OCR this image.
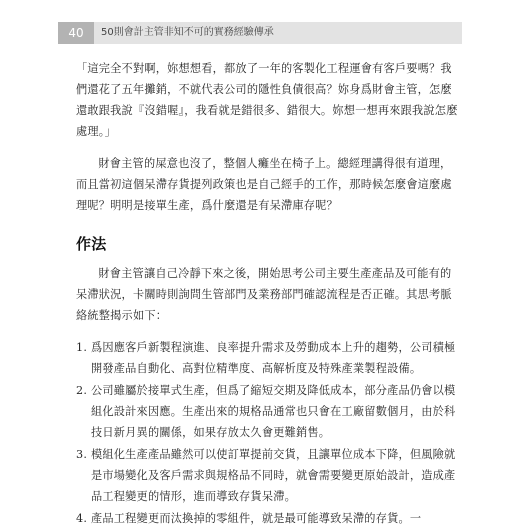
40	50則會計主管非知不可的實務經驗傳承

「這完全不對啊，妳想想看，都放了一年的客製化工程運會有客戶要嗎？我們還花了五年攤銷，不就代表公司的隱性負債很高？妳身爲財會主管，怎麼還敢跟我說『沒錯喔』，我看就是錯很多、錯很大。妳想一想再來跟我說怎麼處理。」

財會主管的屎意也沒了，整個人癱坐在椅子上。總經理講得很有道理，而且當初這個呆滯存貨提列政策也是自己經手的工作，那時候怎麼會這麼處理呢？明明是接單生產，爲什麼還是有呆滯庫存呢？

作法

財會主管讓自己冷靜下來之後，開始思考公司主要生產產品及可能有的呆滯狀況，卡關時則詢問生管部門及業務部門確認流程是否正確。其思考脈絡統整揭示如下：

1. 爲因應客戶新製程演進、良率提升需求及勞動成本上升的趨勢，公司積極開發產品自動化、高對位精準度、高解析度及特殊產業製程設備。
2. 公司雖屬於接單式生產，但爲了縮短交期及降低成本，部分產品仍會以模組化設計來因應。生產出來的規格品通常也只會在工廠留數個月，由於科技日新月異的關係，如果存放太久會更難銷售。
3. 模組化生產產品雖然可以使訂單提前交貨，且讓單位成本下降，但風險就是市場變化及客戶需求與規格品不同時，就會需要變更原始設計，造成產品工程變更的情形，進而導致存貨呆滯。
4. 產品工程變更而汰換掉的零組件，就是最可能導致呆滯的存貨。一
